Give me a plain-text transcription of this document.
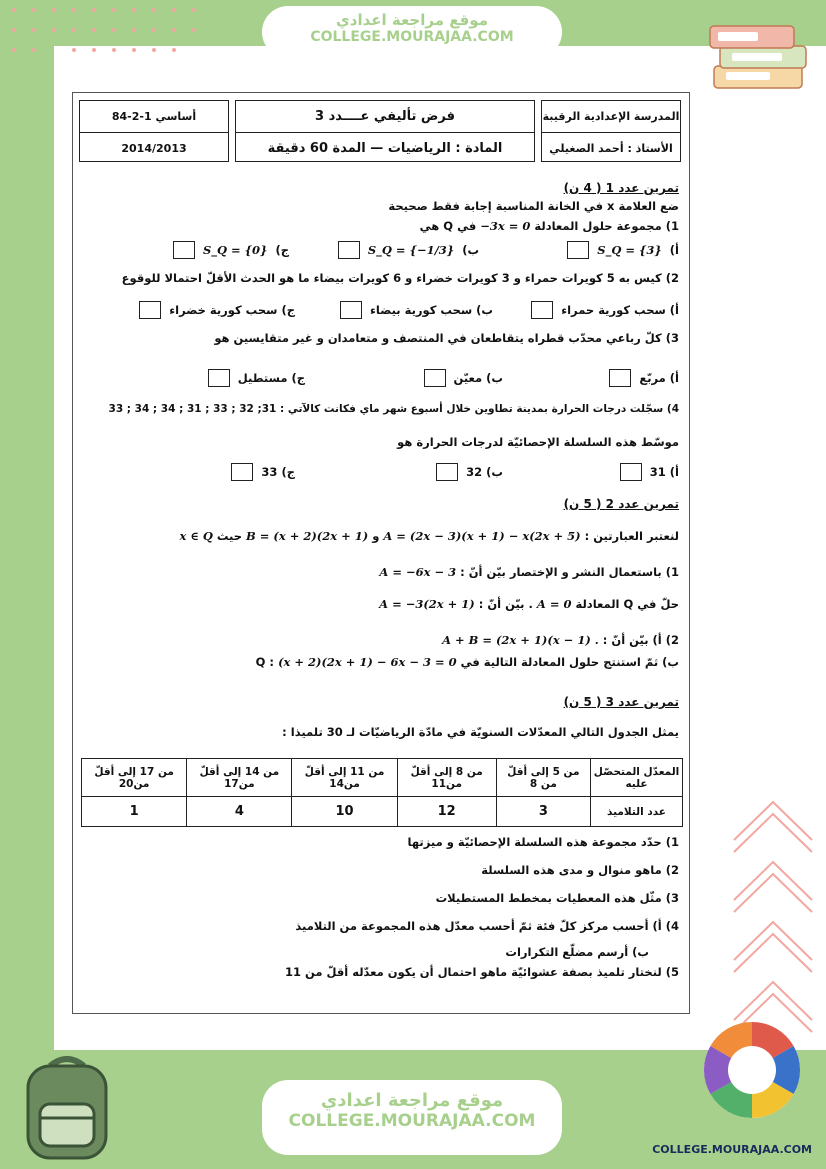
موقع مراجعة اعدادي
COLLEGE.MOURAJAA.COM
المدرسة الإعدادية الرقيبة
الأستاذ : أحمد الصغيلي
فرض تأليفي عــــدد 3
المادة : الرياضيات — المدة 60 دقيقة
8أساسي 1-2-4
2014/2013
تمرين عدد 1 ( 4 ن)
ضع العلامة x في الخانة المناسبة إجابة فقط صحيحة
1) مجموعة حلول المعادلة −3x = 0 في Q هي
أ)
S_Q = {3}
ب)
S_Q = {−1/3}
ج)
S_Q = {0}
2) كيس به 5 كويرات حمراء و 3 كويرات خضراء و 6 كويرات بيضاء ما هو الحدث الأقلّ احتمالا للوقوع
أ) سحب كورية حمراء
ب) سحب كورية بيضاء
ج) سحب كورية خضراء
3) كلّ رباعي محدّب قطراه يتقاطعان في المنتصف و متعامدان و غير متقايسين هو
أ) مربّع
ب) معيّن
ج) مستطيل
4) سجّلت درجات الحرارة بمدينة تطاوين خلال أسبوع شهر ماي فكانت كالآتي : 31; 32 ; 33 ; 31 ; 34 ; 34 ; 33
موسّط هذه السلسلة الإحصائيّة لدرجات الحرارة هو
أ) 31
ب) 32
ج) 33
تمرين عدد 2 ( 5 ن)
لنعتبر العبارتين : A = (2x − 3)(x + 1) − x(2x + 5) و B = (x + 2)(2x + 1) حيث x ∈ Q
1) باستعمال النشر و الإختصار بيّن أنّ : A = −6x − 3
حلّ في Q المعادلة A = 0 . بيّن أنّ : A = −3(2x + 1)
2) أ) بيّن أنّ : A + B = (2x + 1)(x − 1) .
ب) ثمّ استنتج حلول المعادلة التالية في Q : (x + 2)(2x + 1) − 6x − 3 = 0
تمرين عدد 3 ( 5 ن)
يمثل الجدول التالي المعدّلات السنويّة في مادّة الرياضيّات لـ 30 تلميذا :
المعدّل المتحصّل عليه	من 5 إلى أقلّ من 8	من 8 إلى أقلّ من11	من 11 إلى أقلّ من14	من 14 إلى أقلّ من17	من 17 إلى أقلّ من20
عدد التلاميذ	3	12	10	4	1
1) حدّد مجموعة هذه السلسلة الإحصائيّة و ميزتها
2) ماهو منوال و مدى هذه السلسلة
3) مثّل هذه المعطيات بمخطط المستطيلات
4) أ) أحسب مركز كلّ فئة ثمّ أحسب معدّل هذه المجموعة من التلاميذ
ب) أرسم مضلّع التكرارات
5) لنختار تلميذ بصفة عشوائيّة ماهو احتمال أن يكون معدّله أقلّ من 11
موقع مراجعة اعدادي
COLLEGE.MOURAJAA.COM
COLLEGE.MOURAJAA.COM
